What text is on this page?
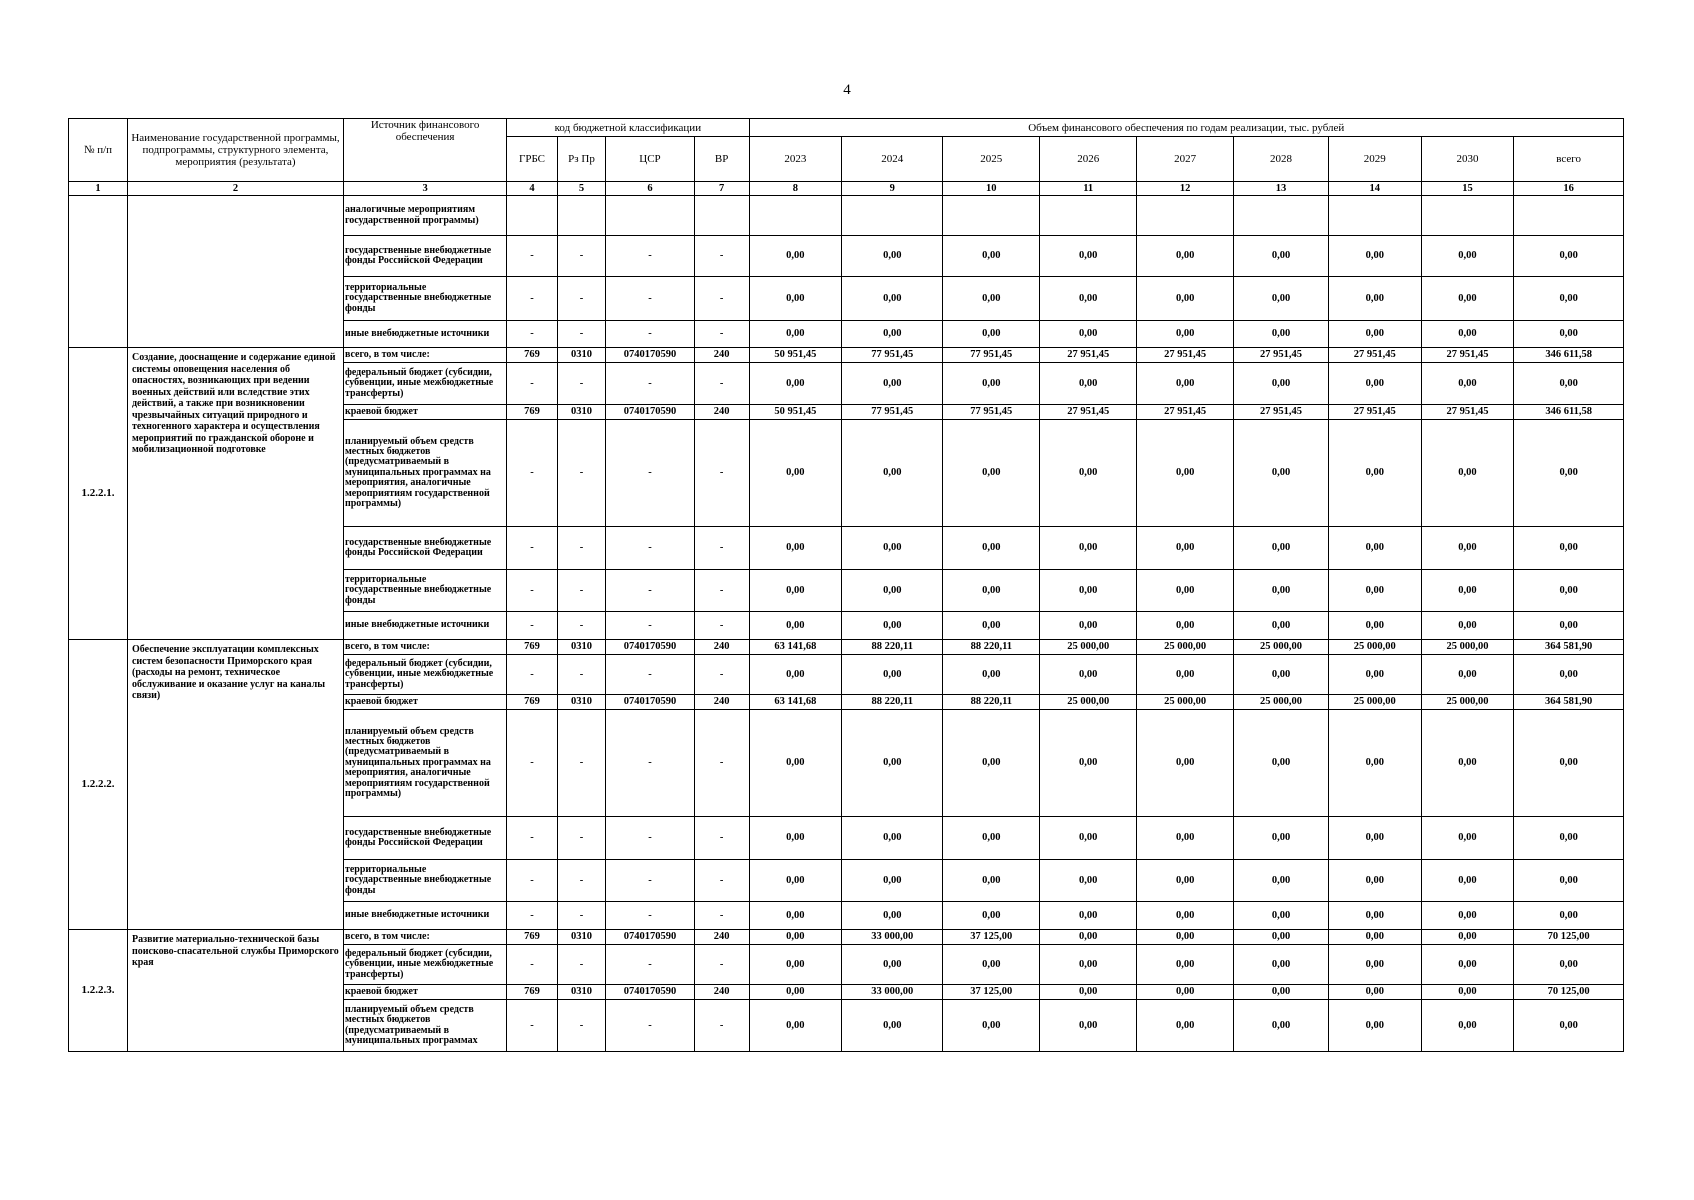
4
№ п/п	Наименование государственной программы, подпрограммы, структурного элемента, мероприятия (результата)	Источник финансового обеспечения	код бюджетной классификации				Объем финансового обеспечения по годам реализации, тыс. рублей								
			ГРБС	Рз Пр	ЦСР	ВР	2023	2024	2025	2026	2027	2028	2029	2030	всего
1	2	3	4	5	6	7	8	9	10	11	12	13	14	15	16
		аналогичные мероприятиям государственной программы)													
		государственные внебюджетные фонды Российской Федерации	-	-	-	-	0,00	0,00	0,00	0,00	0,00	0,00	0,00	0,00	0,00
		территориальные государственные внебюджетные фонды	-	-	-	-	0,00	0,00	0,00	0,00	0,00	0,00	0,00	0,00	0,00
		иные внебюджетные источники	-	-	-	-	0,00	0,00	0,00	0,00	0,00	0,00	0,00	0,00	0,00
1.2.2.1.	Создание, дооснащение и содержание единой системы оповещения населения об опасностях, возникающих при ведении военных действий или вследствие этих действий, а также при возникновении чрезвычайных ситуаций природного и техногенного характера и осуществления мероприятий по гражданской обороне и мобилизационной подготовке	всего, в том числе:	769	0310	0740170590	240	50 951,45	77 951,45	77 951,45	27 951,45	27 951,45	27 951,45	27 951,45	27 951,45	346 611,58
		федеральный бюджет (субсидии, субвенции, иные межбюджетные трансферты)	-	-	-	-	0,00	0,00	0,00	0,00	0,00	0,00	0,00	0,00	0,00
		краевой бюджет	769	0310	0740170590	240	50 951,45	77 951,45	77 951,45	27 951,45	27 951,45	27 951,45	27 951,45	27 951,45	346 611,58
		планируемый объем средств местных бюджетов (предусматриваемый в муниципальных программах на мероприятия, аналогичные мероприятиям государственной программы)	-	-	-	-	0,00	0,00	0,00	0,00	0,00	0,00	0,00	0,00	0,00
		государственные внебюджетные фонды Российской Федерации	-	-	-	-	0,00	0,00	0,00	0,00	0,00	0,00	0,00	0,00	0,00
		территориальные государственные внебюджетные фонды	-	-	-	-	0,00	0,00	0,00	0,00	0,00	0,00	0,00	0,00	0,00
		иные внебюджетные источники	-	-	-	-	0,00	0,00	0,00	0,00	0,00	0,00	0,00	0,00	0,00
1.2.2.2.	Обеспечение эксплуатации комплексных систем безопасности Приморского края (расходы на ремонт, техническое обслуживание и оказание услуг на каналы связи)	всего, в том числе:	769	0310	0740170590	240	63 141,68	88 220,11	88 220,11	25 000,00	25 000,00	25 000,00	25 000,00	25 000,00	364 581,90
		федеральный бюджет (субсидии, субвенции, иные межбюджетные трансферты)	-	-	-	-	0,00	0,00	0,00	0,00	0,00	0,00	0,00	0,00	0,00
		краевой бюджет	769	0310	0740170590	240	63 141,68	88 220,11	88 220,11	25 000,00	25 000,00	25 000,00	25 000,00	25 000,00	364 581,90
		планируемый объем средств местных бюджетов (предусматриваемый в муниципальных программах на мероприятия, аналогичные мероприятиям государственной программы)	-	-	-	-	0,00	0,00	0,00	0,00	0,00	0,00	0,00	0,00	0,00
		государственные внебюджетные фонды Российской Федерации	-	-	-	-	0,00	0,00	0,00	0,00	0,00	0,00	0,00	0,00	0,00
		территориальные государственные внебюджетные фонды	-	-	-	-	0,00	0,00	0,00	0,00	0,00	0,00	0,00	0,00	0,00
		иные внебюджетные источники	-	-	-	-	0,00	0,00	0,00	0,00	0,00	0,00	0,00	0,00	0,00
1.2.2.3.	Развитие материально-технической базы поисково-спасательной службы Приморского края	всего, в том числе:	769	0310	0740170590	240	0,00	33 000,00	37 125,00	0,00	0,00	0,00	0,00	0,00	70 125,00
		федеральный бюджет (субсидии, субвенции, иные межбюджетные трансферты)	-	-	-	-	0,00	0,00	0,00	0,00	0,00	0,00	0,00	0,00	0,00
		краевой бюджет	769	0310	0740170590	240	0,00	33 000,00	37 125,00	0,00	0,00	0,00	0,00	0,00	70 125,00
		планируемый объем средств местных бюджетов (предусматриваемый в муниципальных программах	-	-	-	-	0,00	0,00	0,00	0,00	0,00	0,00	0,00	0,00	0,00
